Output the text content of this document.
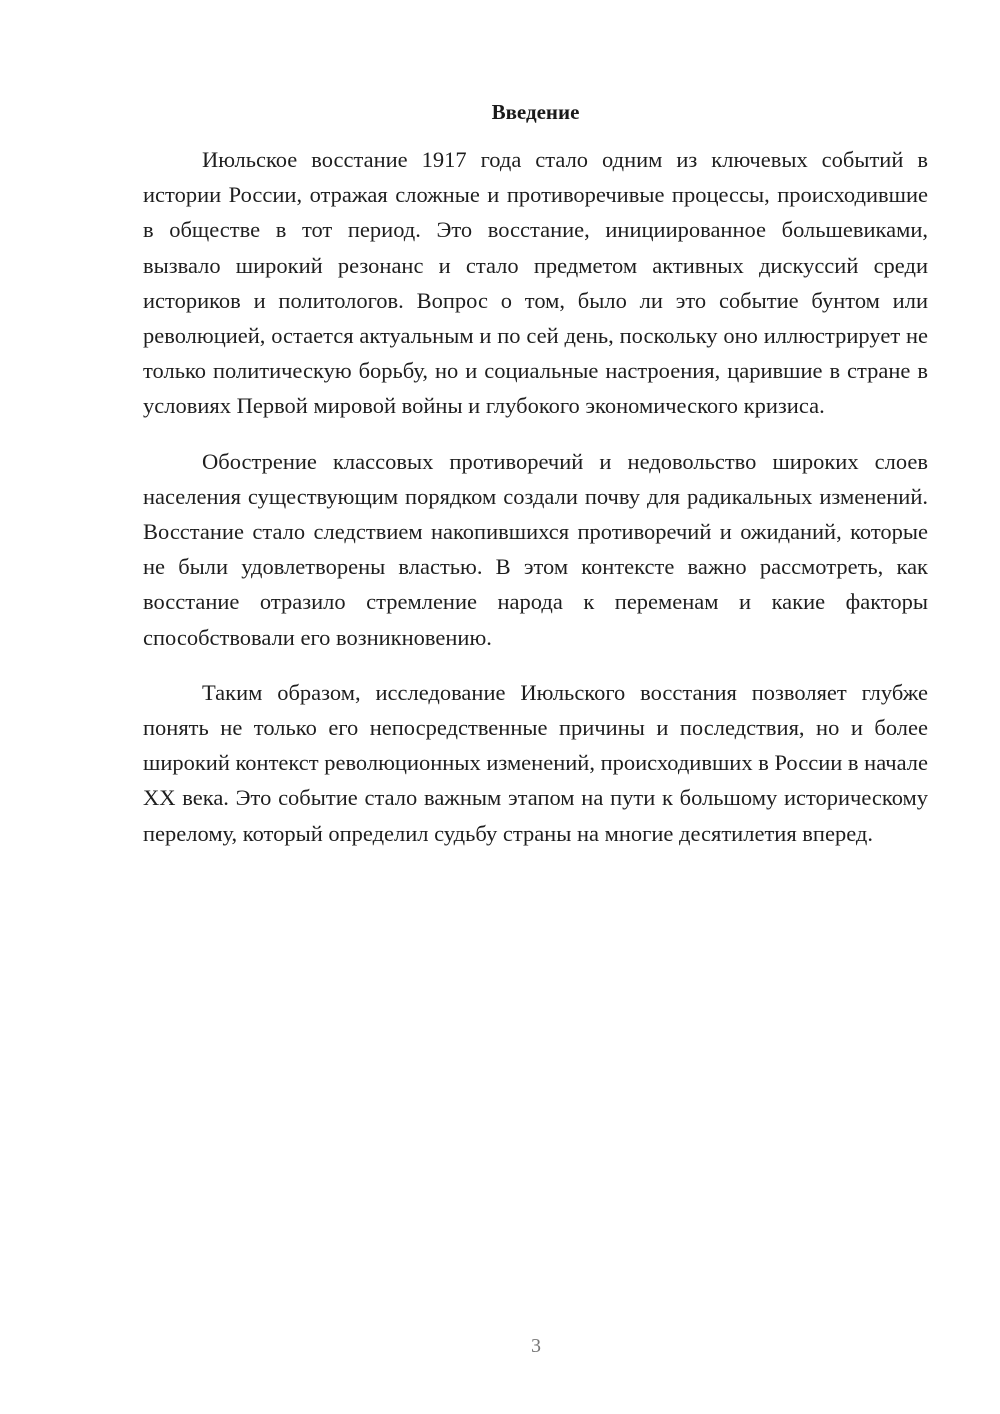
Введение

Июльское восстание 1917 года стало одним из ключевых событий в истории России, отражая сложные и противоречивые процессы, происходившие в обществе в тот период. Это восстание, инициированное большевиками, вызвало широкий резонанс и стало предметом активных дискуссий среди историков и политологов. Вопрос о том, было ли это событие бунтом или революцией, остается актуальным и по сей день, поскольку оно иллюстрирует не только политическую борьбу, но и социальные настроения, царившие в стране в условиях Первой мировой войны и глубокого экономического кризиса.

Обострение классовых противоречий и недовольство широких слоев населения существующим порядком создали почву для радикальных изменений. Восстание стало следствием накопившихся противоречий и ожиданий, которые не были удовлетворены властью. В этом контексте важно рассмотреть, как восстание отразило стремление народа к переменам и какие факторы способствовали его возникновению.

Таким образом, исследование Июльского восстания позволяет глубже понять не только его непосредственные причины и последствия, но и более широкий контекст революционных изменений, происходивших в России в начале XX века. Это событие стало важным этапом на пути к большому историческому перелому, который определил судьбу страны на многие десятилетия вперед.

3
